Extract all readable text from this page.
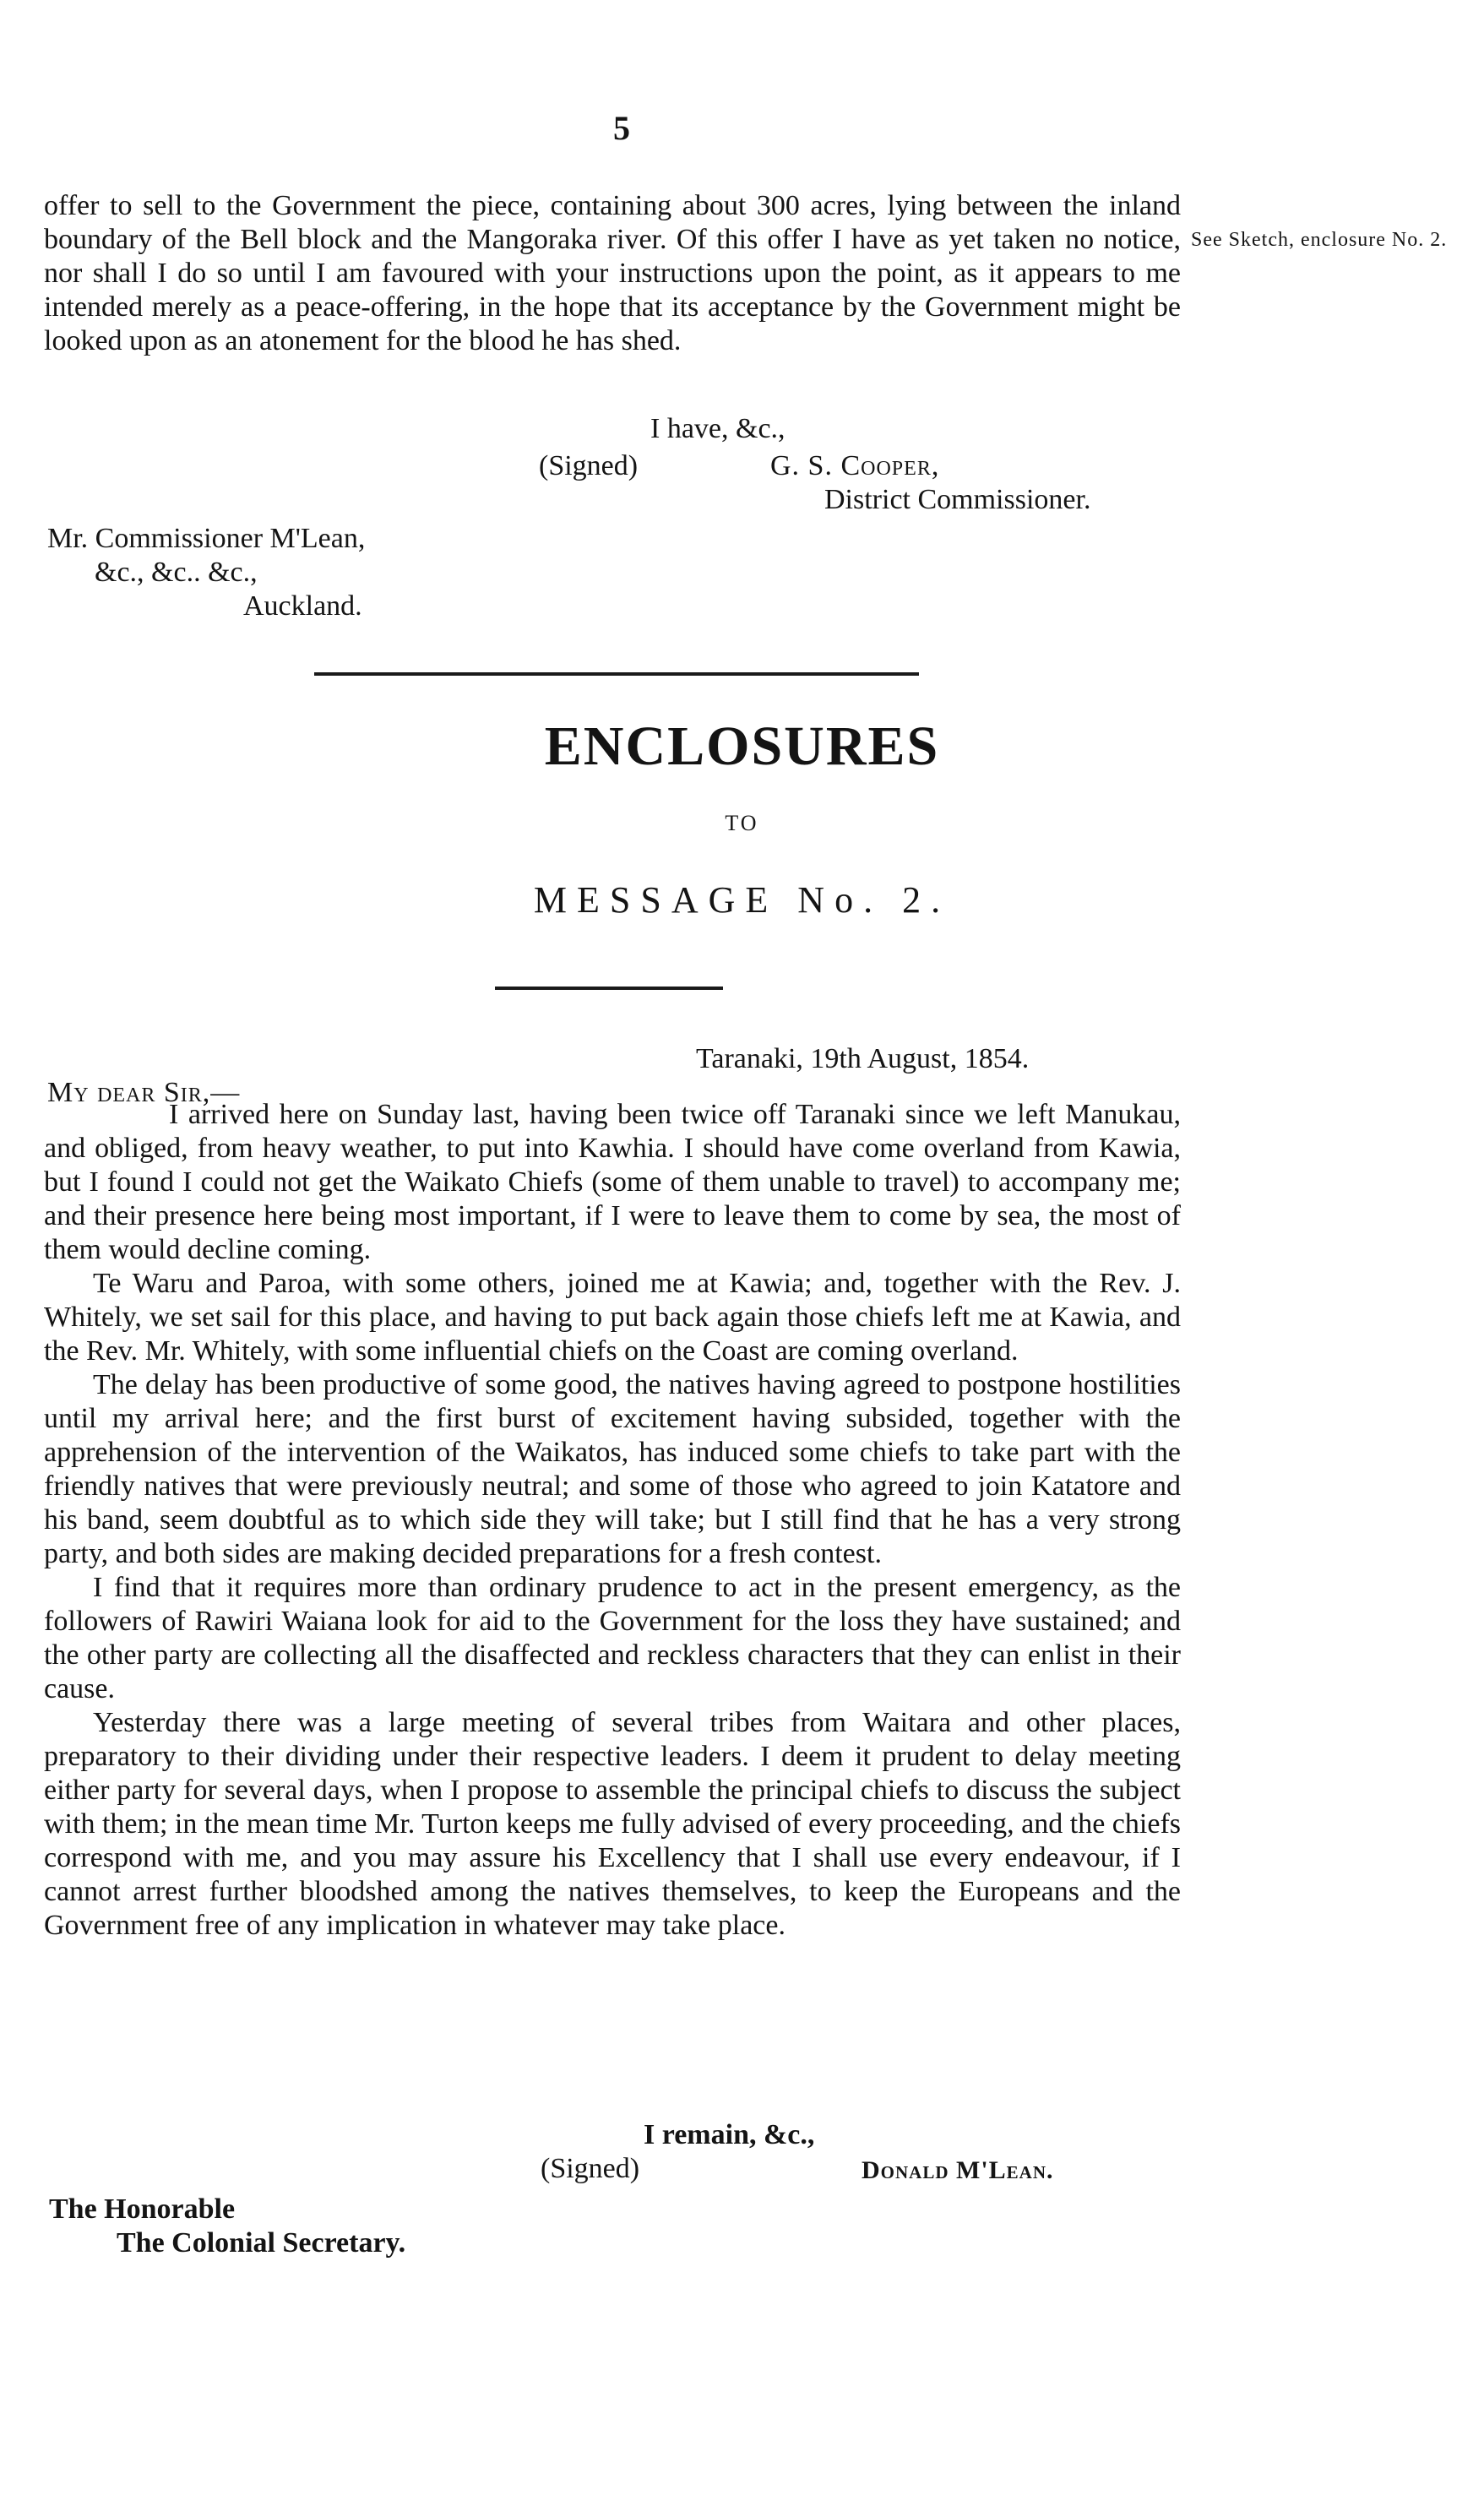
5
offer to sell to the Government the piece, containing about 300 acres, lying between the inland boundary of the Bell block and the Mangoraka river. Of this offer I have as yet taken no notice, nor shall I do so until I am favoured with your instructions upon the point, as it appears to me intended merely as a peace-offering, in the hope that its acceptance by the Government might be looked upon as an atonement for the blood he has shed.
See Sketch, enclosure No. 2.
I have, &c.,
(Signed)	G. S. Cooper,
District Commissioner.
Mr. Commissioner M'Lean,
&c., &c.. &c.,
Auckland.
ENCLOSURES
TO
MESSAGE No. 2.
Taranaki, 19th August, 1854.
My dear Sir,—

I arrived here on Sunday last, having been twice off Taranaki since we left Manukau, and obliged, from heavy weather, to put into Kawhia. I should have come overland from Kawia, but I found I could not get the Waikato Chiefs (some of them unable to travel) to accompany me; and their presence here being most important, if I were to leave them to come by sea, the most of them would decline coming.

Te Waru and Paroa, with some others, joined me at Kawia; and, together with the Rev. J. Whitely, we set sail for this place, and having to put back again those chiefs left me at Kawia, and the Rev. Mr. Whitely, with some influential chiefs on the Coast are coming overland.

The delay has been productive of some good, the natives having agreed to postpone hostilities until my arrival here; and the first burst of excitement having subsided, together with the apprehension of the intervention of the Waikatos, has induced some chiefs to take part with the friendly natives that were previously neutral; and some of those who agreed to join Katatore and his band, seem doubtful as to which side they will take; but I still find that he has a very strong party, and both sides are making decided preparations for a fresh contest.

I find that it requires more than ordinary prudence to act in the present emergency, as the followers of Rawiri Waiana look for aid to the Government for the loss they have sustained; and the other party are collecting all the disaffected and reckless characters that they can enlist in their cause.

Yesterday there was a large meeting of several tribes from Waitara and other places, preparatory to their dividing under their respective leaders. I deem it prudent to delay meeting either party for several days, when I propose to assemble the principal chiefs to discuss the subject with them; in the mean time Mr. Turton keeps me fully advised of every proceeding, and the chiefs correspond with me, and you may assure his Excellency that I shall use every endeavour, if I cannot arrest further bloodshed among the natives themselves, to keep the Europeans and the Government free of any implication in whatever may take place.

I remain, &c.,
(Signed)	Donald M'Lean.
The Honorable
The Colonial Secretary.
